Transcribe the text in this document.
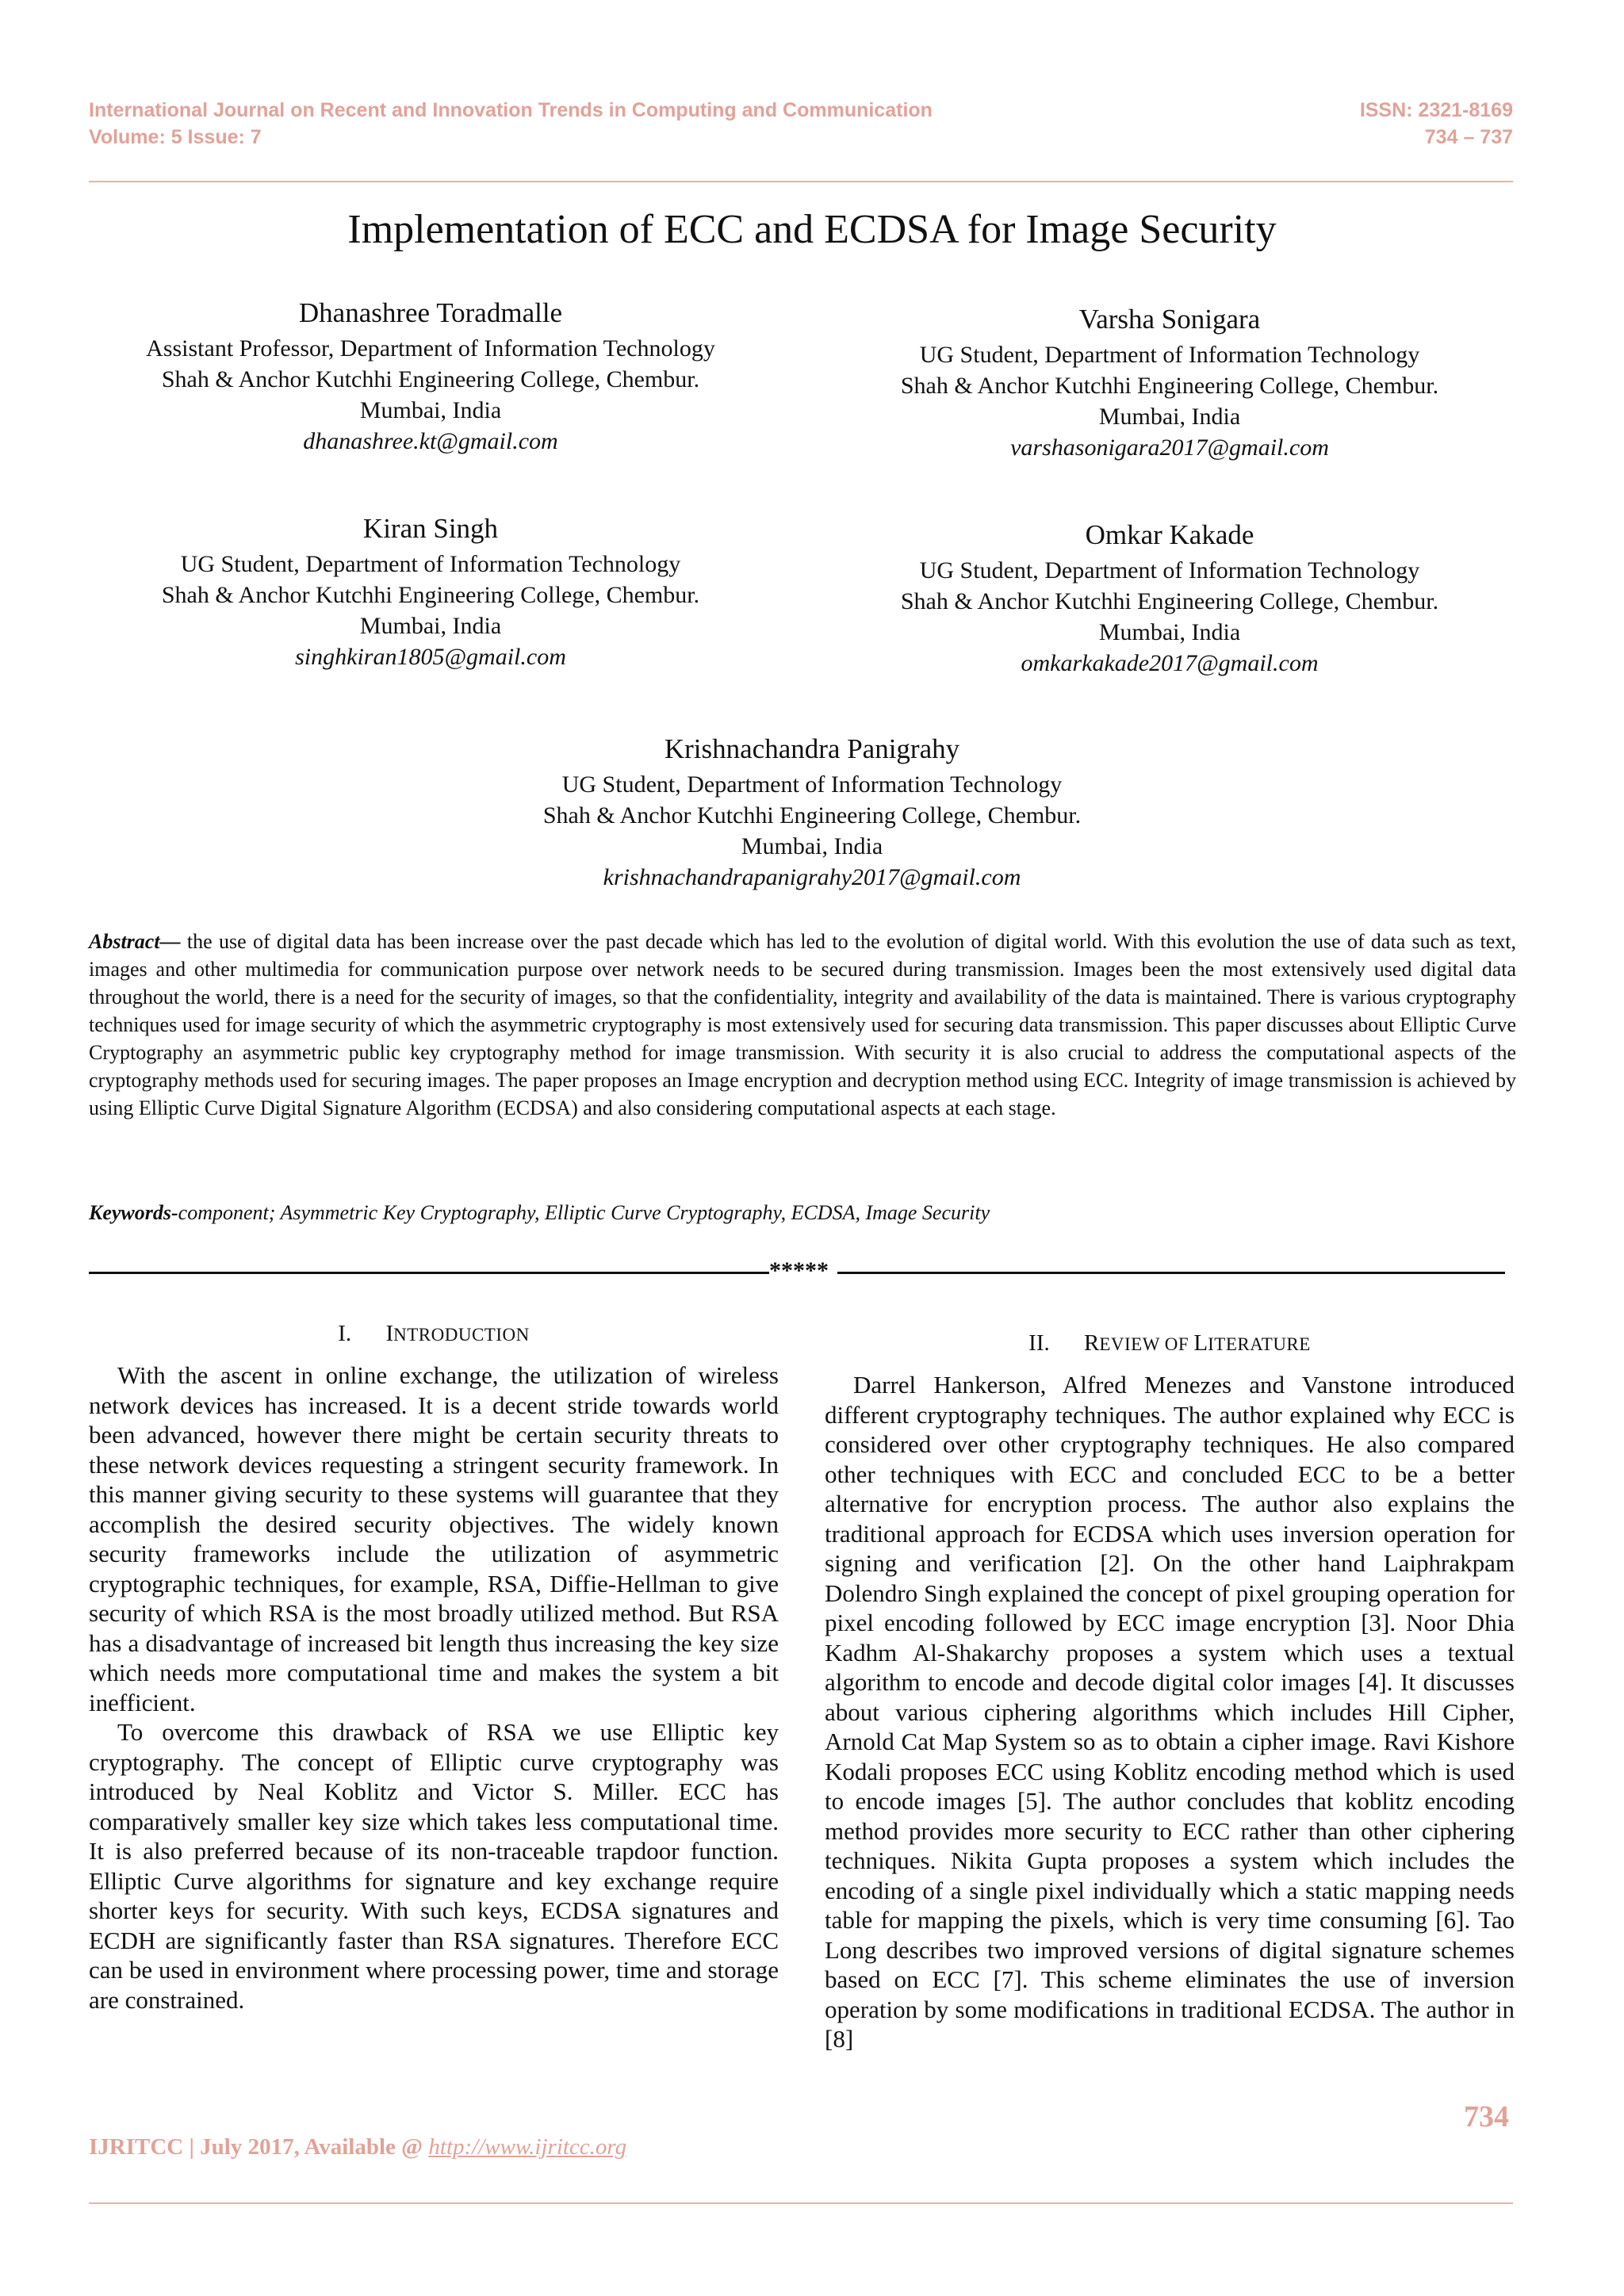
International Journal on Recent and Innovation Trends in Computing and Communication	ISSN: 2321-8169
Volume: 5 Issue: 7	734 – 737
Implementation of ECC and ECDSA for Image Security
Dhanashree Toradmalle
Assistant Professor, Department of Information Technology
Shah & Anchor Kutchhi Engineering College, Chembur.
Mumbai, India
dhanashree.kt@gmail.com
Varsha Sonigara
UG Student, Department of Information Technology
Shah & Anchor Kutchhi Engineering College, Chembur.
Mumbai, India
varshasonigara2017@gmail.com
Kiran Singh
UG Student, Department of Information Technology
Shah & Anchor Kutchhi Engineering College, Chembur.
Mumbai, India
singhkiran1805@gmail.com
Omkar Kakade
UG Student, Department of Information Technology
Shah & Anchor Kutchhi Engineering College, Chembur.
Mumbai, India
omkarkakade2017@gmail.com
Krishnachandra Panigrahy
UG Student, Department of Information Technology
Shah & Anchor Kutchhi Engineering College, Chembur.
Mumbai, India
krishnachandrapanigrahy2017@gmail.com
Abstract— the use of digital data has been increase over the past decade which has led to the evolution of digital world. With this evolution the use of data such as text, images and other multimedia for communication purpose over network needs to be secured during transmission. Images been the most extensively used digital data throughout the world, there is a need for the security of images, so that the confidentiality, integrity and availability of the data is maintained. There is various cryptography techniques used for image security of which the asymmetric cryptography is most extensively used for securing data transmission. This paper discusses about Elliptic Curve Cryptography an asymmetric public key cryptography method for image transmission. With security it is also crucial to address the computational aspects of the cryptography methods used for securing images. The paper proposes an Image encryption and decryption method using ECC. Integrity of image transmission is achieved by using Elliptic Curve Digital Signature Algorithm (ECDSA) and also considering computational aspects at each stage.
Keywords-component; Asymmetric Key Cryptography, Elliptic Curve Cryptography, ECDSA, Image Security
*****
I. INTRODUCTION

With the ascent in online exchange, the utilization of wireless network devices has increased. It is a decent stride towards world been advanced, however there might be certain security threats to these network devices requesting a stringent security framework. In this manner giving security to these systems will guarantee that they accomplish the desired security objectives. The widely known security frameworks include the utilization of asymmetric cryptographic techniques, for example, RSA, Diffie-Hellman to give security of which RSA is the most broadly utilized method. But RSA has a disadvantage of increased bit length thus increasing the key size which needs more computational time and makes the system a bit inefficient.

To overcome this drawback of RSA we use Elliptic key cryptography. The concept of Elliptic curve cryptography was introduced by Neal Koblitz and Victor S. Miller. ECC has comparatively smaller key size which takes less computational time. It is also preferred because of its non-traceable trapdoor function. Elliptic Curve algorithms for signature and key exchange require shorter keys for security. With such keys, ECDSA signatures and ECDH are significantly faster than RSA signatures. Therefore ECC can be used in environment where processing power, time and storage are constrained.

II. REVIEW OF LITERATURE

Darrel Hankerson, Alfred Menezes and Vanstone introduced different cryptography techniques. The author explained why ECC is considered over other cryptography techniques. He also compared other techniques with ECC and concluded ECC to be a better alternative for encryption process. The author also explains the traditional approach for ECDSA which uses inversion operation for signing and verification [2]. On the other hand Laiphrakpam Dolendro Singh explained the concept of pixel grouping operation for pixel encoding followed by ECC image encryption [3]. Noor Dhia Kadhm Al-Shakarchy proposes a system which uses a textual algorithm to encode and decode digital color images [4]. It discusses about various ciphering algorithms which includes Hill Cipher, Arnold Cat Map System so as to obtain a cipher image. Ravi Kishore Kodali proposes ECC using Koblitz encoding method which is used to encode images [5]. The author concludes that koblitz encoding method provides more security to ECC rather than other ciphering techniques. Nikita Gupta proposes a system which includes the encoding of a single pixel individually which a static mapping needs table for mapping the pixels, which is very time consuming [6]. Tao Long describes two improved versions of digital signature schemes based on ECC [7]. This scheme eliminates the use of inversion operation by some modifications in traditional ECDSA. The author in [8]

734
IJRITCC | July 2017, Available @ http://www.ijritcc.org
